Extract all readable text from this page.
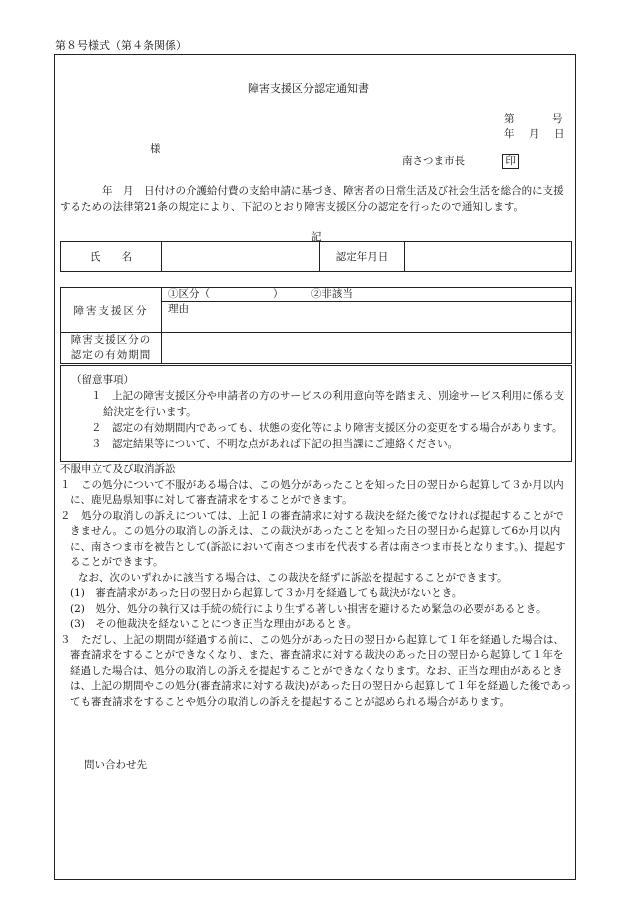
第８号様式（第４条関係）
障害支援区分認定通知書
第	号
年　月　日
様
南さつま市長	印
　　年　月　日付けの介護給付費の支給申請に基づき、障害者の日常生活及び社会生活を総合的に支援するための法律第21条の規定により、下記のとおり障害支援区分の認定を行ったので通知します。
記
氏　　名		認定年月日	
障害支援区分	①区分（　　　　　　） ②非該当
	理由

障害支援区分の
認定の有効期間	

（留意事項）
１　上記の障害支援区分や申請者の方のサービスの利用意向等を踏まえ、別途サービス利用に係る支給決定を行います。
２　認定の有効期間内であっても、状態の変化等により障害支援区分の変更をする場合があります。
３　認定結果等について、不明な点があれば下記の担当課にご連絡ください。
不服申立て及び取消訴訟
１　この処分について不服がある場合は、この処分があったことを知った日の翌日から起算して３か月以内に、鹿児島県知事に対して審査請求をすることができます。
２　処分の取消しの訴えについては、上記１の審査請求に対する裁決を経た後でなければ提起することができません。この処分の取消しの訴えは、この裁決があったことを知った日の翌日から起算して6か月以内に、南さつま市を被告として(訴訟において南さつま市を代表する者は南さつま市長となります。)、提起することができます。
なお、次のいずれかに該当する場合は、この裁決を経ずに訴訟を提起することができます。
(1)　審査請求があった日の翌日から起算して３か月を経過しても裁決がないとき。
(2)　処分、処分の執行又は手続の続行により生ずる著しい損害を避けるため緊急の必要があるとき。
(3)　その他裁決を経ないことにつき正当な理由があるとき。
３　ただし、上記の期間が経過する前に、この処分があった日の翌日から起算して１年を経過した場合は、審査請求をすることができなくなり、また、審査請求に対する裁決のあった日の翌日から起算して１年を経過した場合は、処分の取消しの訴えを提起することができなくなります。なお、正当な理由があるときは、上記の期間やこの処分(審査請求に対する裁決)があった日の翌日から起算して１年を経過した後であっても審査請求をすることや処分の取消しの訴えを提起することが認められる場合があります。
問い合わせ先
